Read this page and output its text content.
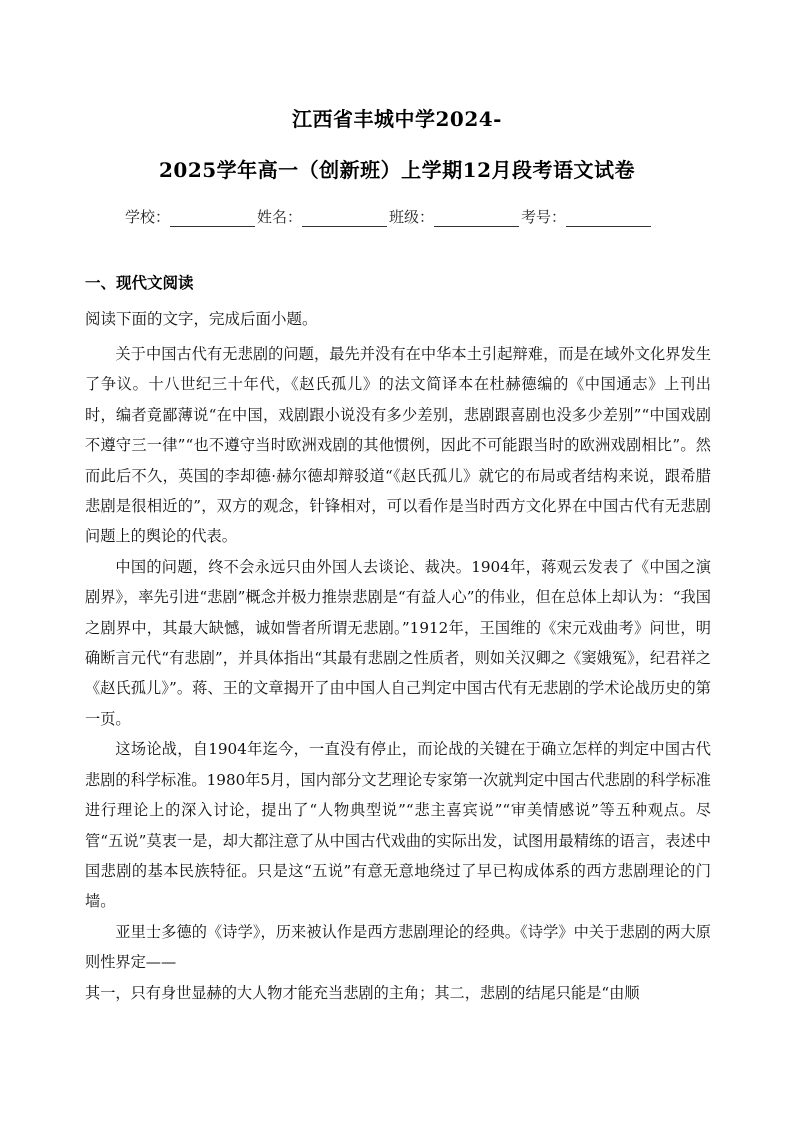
江西省丰城中学2024-
2025学年高一（创新班）上学期12月段考语文试卷
学校：	姓名：	班级：	考号：
一、现代文阅读
阅读下面的文字，完成后面小题。

关于中国古代有无悲剧的问题，最先并没有在中华本土引起辩难，而是在域外文化界发生了争议。十八世纪三十年代，《赵氏孤儿》的法文简译本在杜赫德编的《中国通志》上刊出时，编者竟鄙薄说“在中国，戏剧跟小说没有多少差别，悲剧跟喜剧也没多少差别”“中国戏剧不遵守三一律”“也不遵守当时欧洲戏剧的其他惯例，因此不可能跟当时的欧洲戏剧相比”。然而此后不久，英国的李却德·赫尔德却辩驳道“《赵氏孤儿》就它的布局或者结构来说，跟希腊悲剧是很相近的”，双方的观念，针锋相对，可以看作是当时西方文化界在中国古代有无悲剧问题上的舆论的代表。

中国的问题，终不会永远只由外国人去谈论、裁决。1904年，蒋观云发表了《中国之演剧界》，率先引进“悲剧”概念并极力推崇悲剧是“有益人心”的伟业，但在总体上却认为：“我国之剧界中，其最大缺憾，诚如訾者所谓无悲剧。”1912年，王国维的《宋元戏曲考》问世，明确断言元代“有悲剧”，并具体指出“其最有悲剧之性质者，则如关汉卿之《窦娥冤》，纪君祥之《赵氏孤儿》”。蒋、王的文章揭开了由中国人自己判定中国古代有无悲剧的学术论战历史的第一页。

这场论战，自1904年迄今，一直没有停止，而论战的关键在于确立怎样的判定中国古代悲剧的科学标准。1980年5月，国内部分文艺理论专家第一次就判定中国古代悲剧的科学标准进行理论上的深入讨论，提出了“人物典型说”“悲主喜宾说”“审美情感说”等五种观点。尽管“五说”莫衷一是，却大都注意了从中国古代戏曲的实际出发，试图用最精练的语言，表述中国悲剧的基本民族特征。只是这“五说”有意无意地绕过了早已构成体系的西方悲剧理论的门墙。

亚里士多德的《诗学》，历来被认作是西方悲剧理论的经典。《诗学》中关于悲剧的两大原则性界定——

其一，只有身世显赫的大人物才能充当悲剧的主角；其二，悲剧的结尾只能是“由顺
